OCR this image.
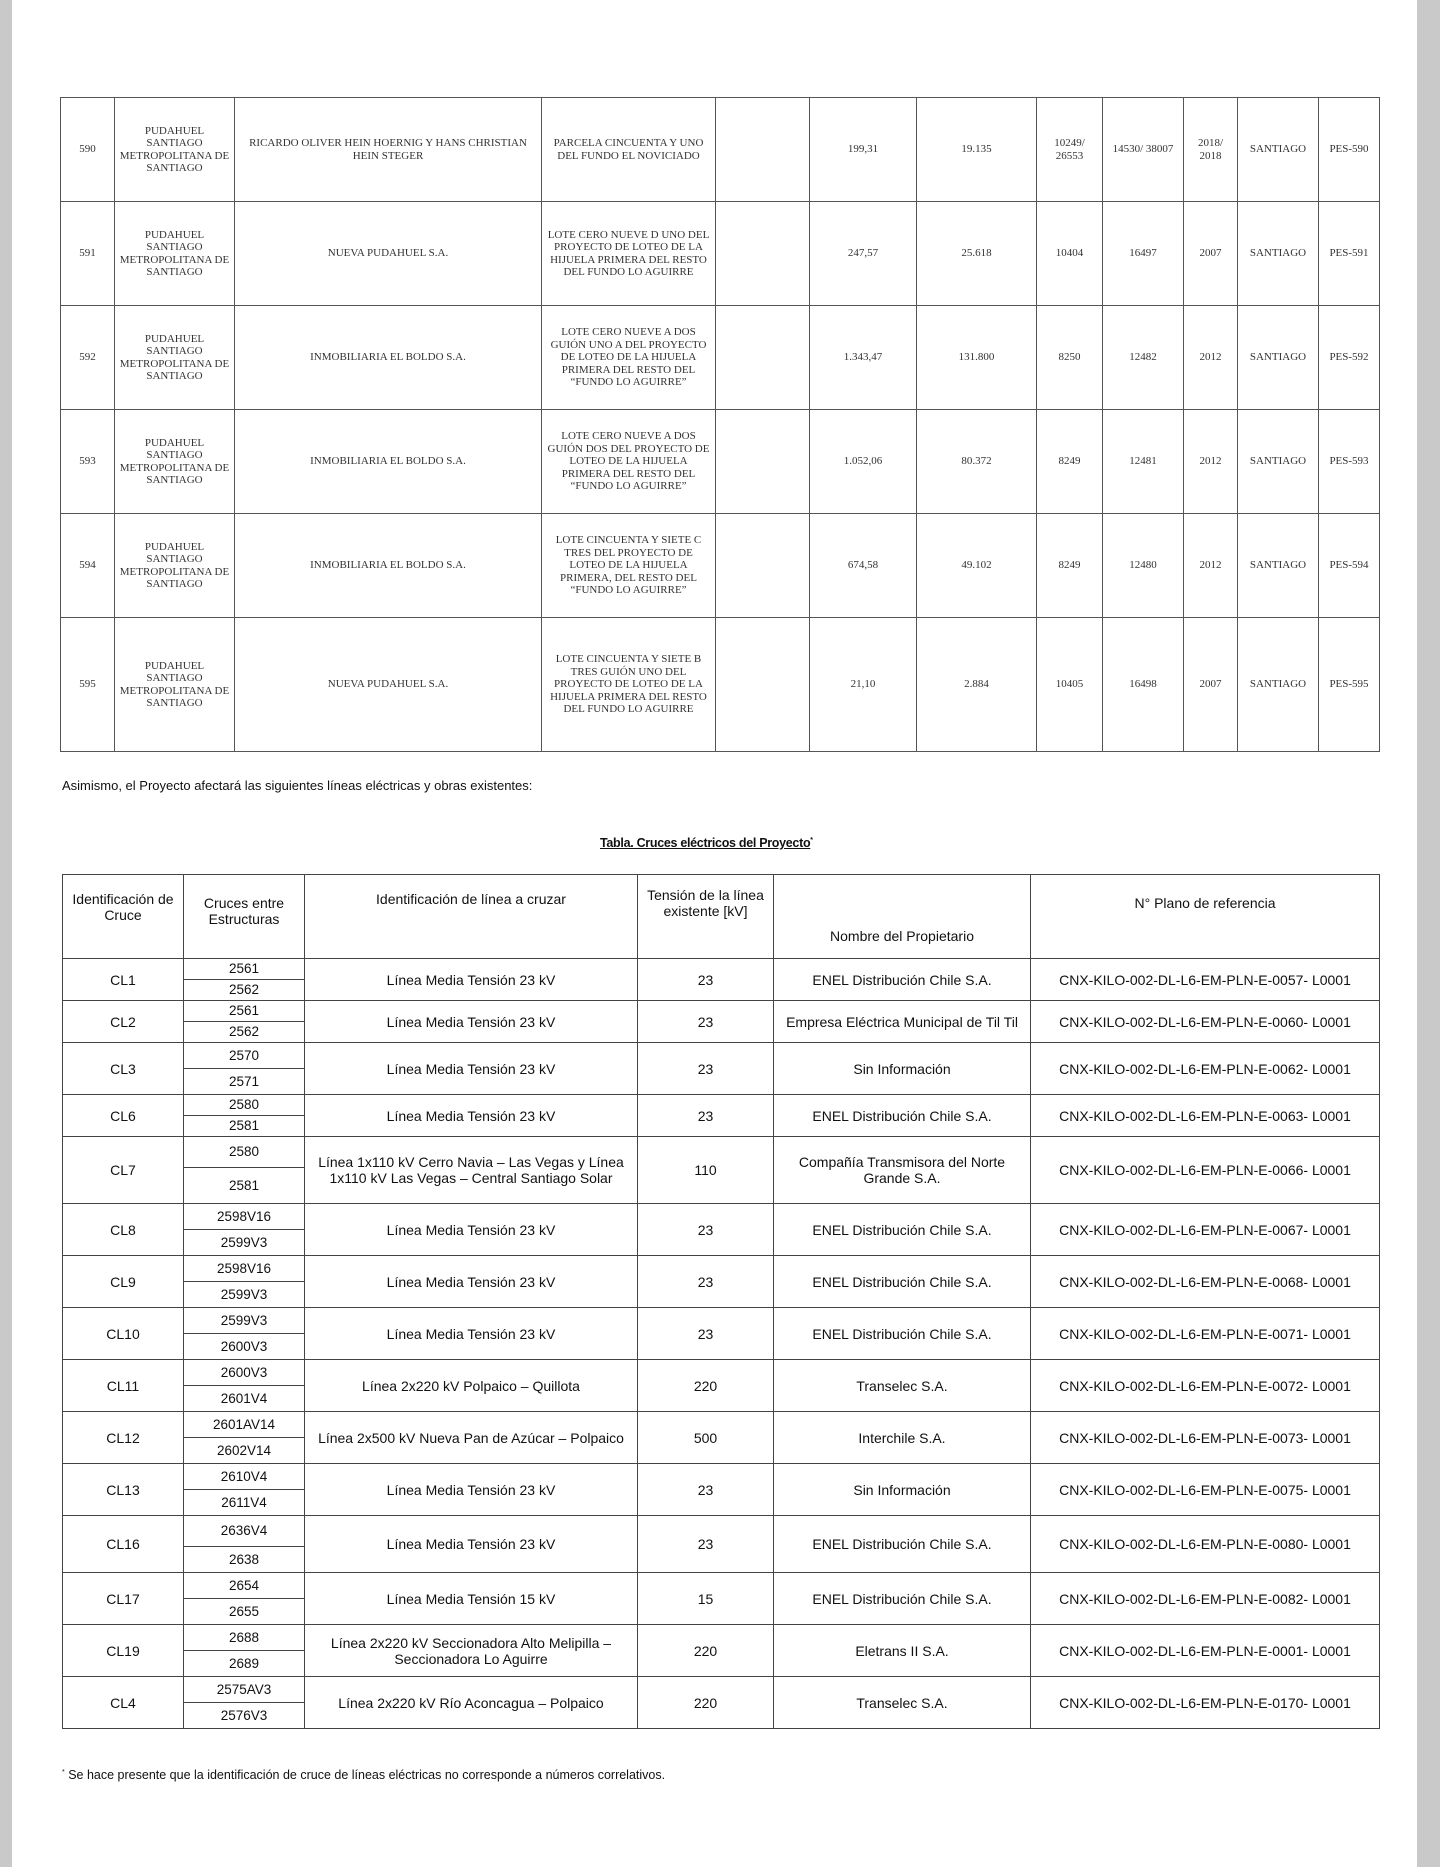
590	PUDAHUEL SANTIAGO METROPOLITANA DE SANTIAGO	RICARDO OLIVER HEIN HOERNIG Y HANS CHRISTIAN HEIN STEGER	PARCELA CINCUENTA Y UNO DEL FUNDO EL NOVICIADO		199,31	19.135	10249/ 26553	14530/ 38007	2018/ 2018	SANTIAGO	PES-590
591	PUDAHUEL SANTIAGO METROPOLITANA DE SANTIAGO	NUEVA PUDAHUEL S.A.	LOTE CERO NUEVE D UNO DEL PROYECTO DE LOTEO DE LA HIJUELA PRIMERA DEL RESTO DEL FUNDO LO AGUIRRE		247,57	25.618	10404	16497	2007	SANTIAGO	PES-591
592	PUDAHUEL SANTIAGO METROPOLITANA DE SANTIAGO	INMOBILIARIA EL BOLDO S.A.	LOTE CERO NUEVE A DOS GUIÓN UNO A DEL PROYECTO DE LOTEO DE LA HIJUELA PRIMERA DEL RESTO DEL “FUNDO LO AGUIRRE”		1.343,47	131.800	8250	12482	2012	SANTIAGO	PES-592
593	PUDAHUEL SANTIAGO METROPOLITANA DE SANTIAGO	INMOBILIARIA EL BOLDO S.A.	LOTE CERO NUEVE A DOS GUIÓN DOS DEL PROYECTO DE LOTEO DE LA HIJUELA PRIMERA DEL RESTO DEL “FUNDO LO AGUIRRE”		1.052,06	80.372	8249	12481	2012	SANTIAGO	PES-593
594	PUDAHUEL SANTIAGO METROPOLITANA DE SANTIAGO	INMOBILIARIA EL BOLDO S.A.	LOTE CINCUENTA Y SIETE C TRES DEL PROYECTO DE LOTEO DE LA HIJUELA PRIMERA, DEL RESTO DEL “FUNDO LO AGUIRRE”		674,58	49.102	8249	12480	2012	SANTIAGO	PES-594
595	PUDAHUEL SANTIAGO METROPOLITANA DE SANTIAGO	NUEVA PUDAHUEL S.A.	LOTE CINCUENTA Y SIETE B TRES GUIÓN UNO DEL PROYECTO DE LOTEO DE LA HIJUELA PRIMERA DEL RESTO DEL FUNDO LO AGUIRRE		21,10	2.884	10405	16498	2007	SANTIAGO	PES-595
Asimismo, el Proyecto afectará las siguientes líneas eléctricas y obras existentes:
Tabla. Cruces eléctricos del Proyecto*
Identificación de Cruce	Cruces entre Estructuras	Identificación de línea a cruzar	Tensión de la línea existente [kV]	Nombre del Propietario	N° Plano de referencia
CL1	2561	Línea Media Tensión 23 kV	23	ENEL Distribución Chile S.A.	CNX-KILO-002-DL-L6-EM-PLN-E-0057- L0001
	2562				
CL2	2561	Línea Media Tensión 23 kV	23	Empresa Eléctrica Municipal de Til Til	CNX-KILO-002-DL-L6-EM-PLN-E-0060- L0001
	2562				
CL3	2570	Línea Media Tensión 23 kV	23	Sin Información	CNX-KILO-002-DL-L6-EM-PLN-E-0062- L0001
	2571				
CL6	2580	Línea Media Tensión 23 kV	23	ENEL Distribución Chile S.A.	CNX-KILO-002-DL-L6-EM-PLN-E-0063- L0001
	2581				
CL7	2580	Línea 1x110 kV Cerro Navia – Las Vegas y Línea 1x110 kV Las Vegas – Central Santiago Solar	110	Compañía Transmisora del Norte Grande S.A.	CNX-KILO-002-DL-L6-EM-PLN-E-0066- L0001
	2581				
CL8	2598V16	Línea Media Tensión 23 kV	23	ENEL Distribución Chile S.A.	CNX-KILO-002-DL-L6-EM-PLN-E-0067- L0001
	2599V3				
CL9	2598V16	Línea Media Tensión 23 kV	23	ENEL Distribución Chile S.A.	CNX-KILO-002-DL-L6-EM-PLN-E-0068- L0001
	2599V3				
CL10	2599V3	Línea Media Tensión 23 kV	23	ENEL Distribución Chile S.A.	CNX-KILO-002-DL-L6-EM-PLN-E-0071- L0001
	2600V3				
CL11	2600V3	Línea 2x220 kV Polpaico – Quillota	220	Transelec S.A.	CNX-KILO-002-DL-L6-EM-PLN-E-0072- L0001
	2601V4				
CL12	2601AV14	Línea 2x500 kV Nueva Pan de Azúcar – Polpaico	500	Interchile S.A.	CNX-KILO-002-DL-L6-EM-PLN-E-0073- L0001
	2602V14				
CL13	2610V4	Línea Media Tensión 23 kV	23	Sin Información	CNX-KILO-002-DL-L6-EM-PLN-E-0075- L0001
	2611V4				
CL16	2636V4	Línea Media Tensión 23 kV	23	ENEL Distribución Chile S.A.	CNX-KILO-002-DL-L6-EM-PLN-E-0080- L0001
	2638				
CL17	2654	Línea Media Tensión 15 kV	15	ENEL Distribución Chile S.A.	CNX-KILO-002-DL-L6-EM-PLN-E-0082- L0001
	2655				
CL19	2688	Línea 2x220 kV Seccionadora Alto Melipilla – Seccionadora Lo Aguirre	220	Eletrans II S.A.	CNX-KILO-002-DL-L6-EM-PLN-E-0001- L0001
	2689				
CL4	2575AV3	Línea 2x220 kV Río Aconcagua – Polpaico	220	Transelec S.A.	CNX-KILO-002-DL-L6-EM-PLN-E-0170- L0001
	2576V3				
* Se hace presente que la identificación de cruce de líneas eléctricas no corresponde a números correlativos.
